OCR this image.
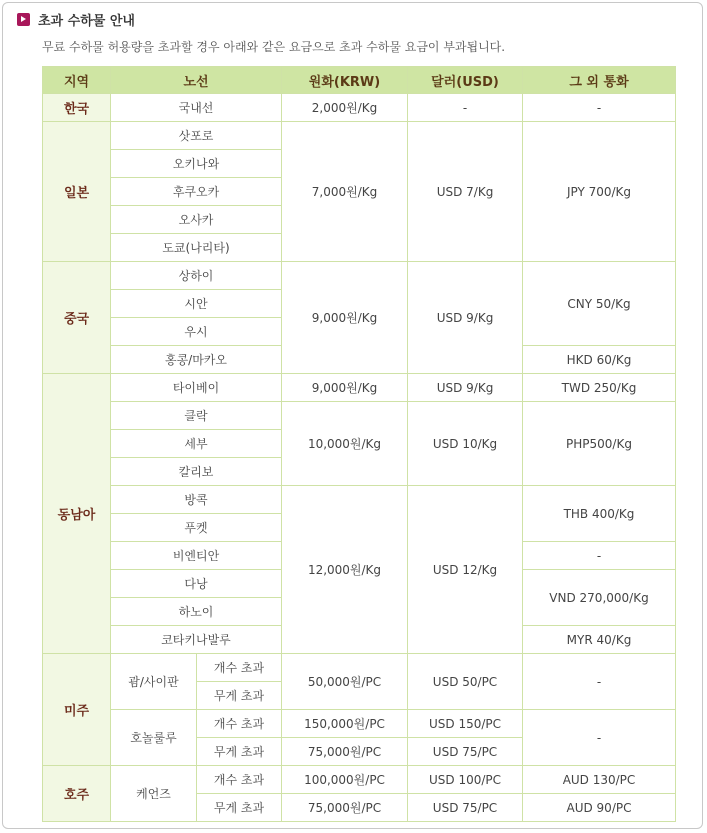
초과 수하물 안내
무료 수하물 허용량을 초과할 경우 아래와 같은 요금으로 초과 수하물 요금이 부과됩니다.
지역	노선		원화(KRW)	달러(USD)	그 외 통화
한국	국내선		2,000원/Kg	-	-
일본	삿포로		7,000원/Kg	USD 7/Kg	JPY 700/Kg
	오키나와				
	후쿠오카				
	오사카				
	도쿄(나리타)				
중국	상하이		9,000원/Kg	USD 9/Kg	CNY 50/Kg
	시안				
	우시				
	홍콩/마카오				HKD 60/Kg
동남아	타이베이		9,000원/Kg	USD 9/Kg	TWD 250/Kg
	클락		10,000원/Kg	USD 10/Kg	PHP500/Kg
	세부				
	칼리보				
	방콕		12,000원/Kg	USD 12/Kg	THB 400/Kg
	푸켓				
	비엔티안				-
	다낭				VND 270,000/Kg
	하노이				
	코타키나발루				MYR 40/Kg
미주	괌/사이판	개수 초과	50,000원/PC	USD 50/PC	-
		무게 초과			
	호놀룰루	개수 초과	150,000원/PC	USD 150/PC	-
		무게 초과	75,000원/PC	USD 75/PC	
호주	케언즈	개수 초과	100,000원/PC	USD 100/PC	AUD 130/PC
		무게 초과	75,000원/PC	USD 75/PC	AUD 90/PC
